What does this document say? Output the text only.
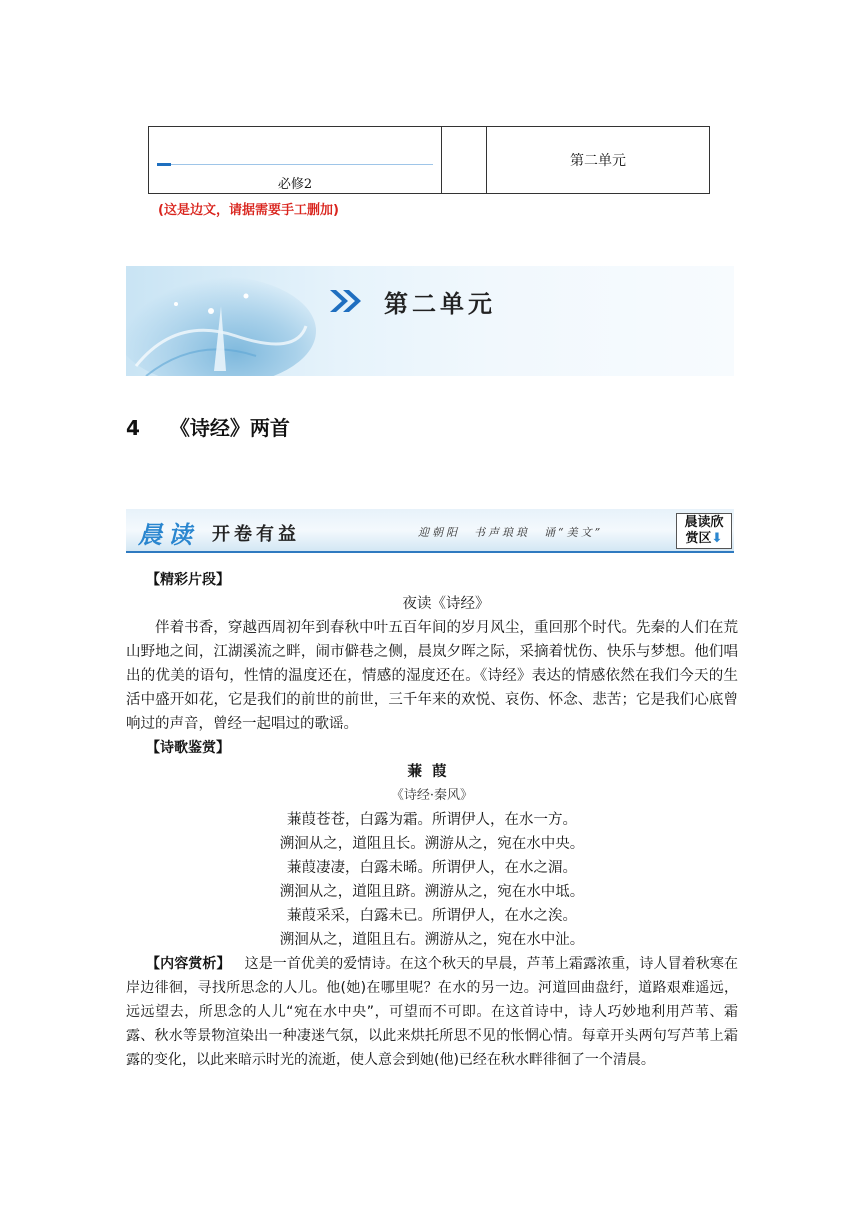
必修2
第二单元
(这是边文，请据需要手工删加)
第二单元
4 《诗经》两首
晨读 开卷有益	迎朝阳　书声琅琅　诵“美文”
晨读欣
赏区⬇
【精彩片段】
夜读《诗经》

伴着书香，穿越西周初年到春秋中叶五百年间的岁月风尘，重回那个时代。先秦的人们在荒山野地之间，江湖溪流之畔，闹市僻巷之侧，晨岚夕晖之际，采摘着忧伤、快乐与梦想。他们唱出的优美的语句，性情的温度还在，情感的湿度还在。《诗经》表达的情感依然在我们今天的生活中盛开如花，它是我们的前世的前世，三千年来的欢悦、哀伤、怀念、悲苦；它是我们心底曾响过的声音，曾经一起唱过的歌谣。

【诗歌鉴赏】
蒹葭
《诗经·秦风》
蒹葭苍苍，白露为霜。所谓伊人，在水一方。
溯洄从之，道阻且长。溯游从之，宛在水中央。
蒹葭凄凄，白露未晞。所谓伊人，在水之湄。
溯洄从之，道阻且跻。溯游从之，宛在水中坻。
蒹葭采采，白露未已。所谓伊人，在水之涘。
溯洄从之，道阻且右。溯游从之，宛在水中沚。

【内容赏析】 这是一首优美的爱情诗。在这个秋天的早晨，芦苇上霜露浓重，诗人冒着秋寒在岸边徘徊，寻找所思念的人儿。他(她)在哪里呢？在水的另一边。河道回曲盘纡，道路艰难遥远，远远望去，所思念的人儿“宛在水中央”，可望而不可即。在这首诗中，诗人巧妙地利用芦苇、霜露、秋水等景物渲染出一种凄迷气氛，以此来烘托所思不见的怅惘心情。每章开头两句写芦苇上霜露的变化，以此来暗示时光的流逝，使人意会到她(他)已经在秋水畔徘徊了一个清晨。
